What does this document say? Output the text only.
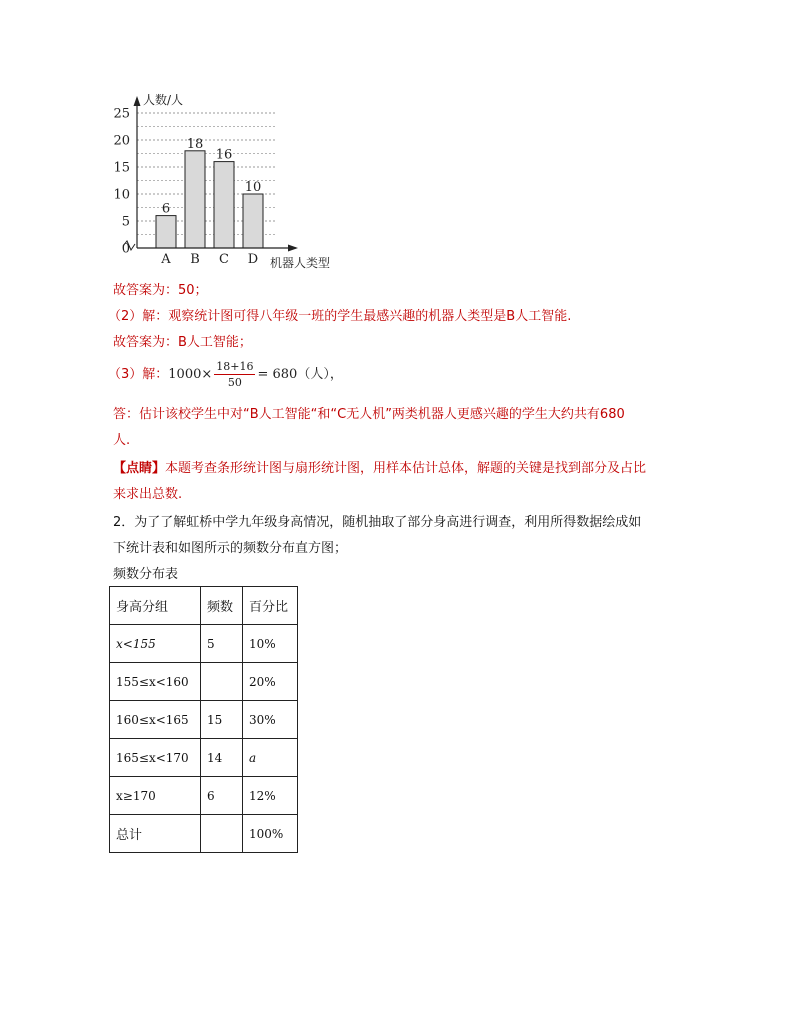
0
5
10
15
20
25
6
A
18
B
16
C
10
D
人数/人
机器人类型
故答案为：50；
（2）解：观察统计图可得八年级一班的学生最感兴趣的机器人类型是B人工智能.
故答案为：B人工智能；
（3）解：$1000\times \frac{18+16}{50} = 680$（人），
答：估计该校学生中对“B人工智能“和“C无人机”两类机器人更感兴趣的学生大约共有680
人.
【点睛】本题考查条形统计图与扇形统计图，用样本估计总体，解题的关键是找到部分及占比
来求出总数.
2．为了了解虹桥中学九年级身高情况，随机抽取了部分身高进行调查，利用所得数据绘成如
下统计表和如图所示的频数分布直方图；
频数分布表
身高分组	频数	百分比
x<155	5	10%
155≤x<160		20%
160≤x<165	15	30%
165≤x<170	14	a
x≥170	6	12%
总计		100%
